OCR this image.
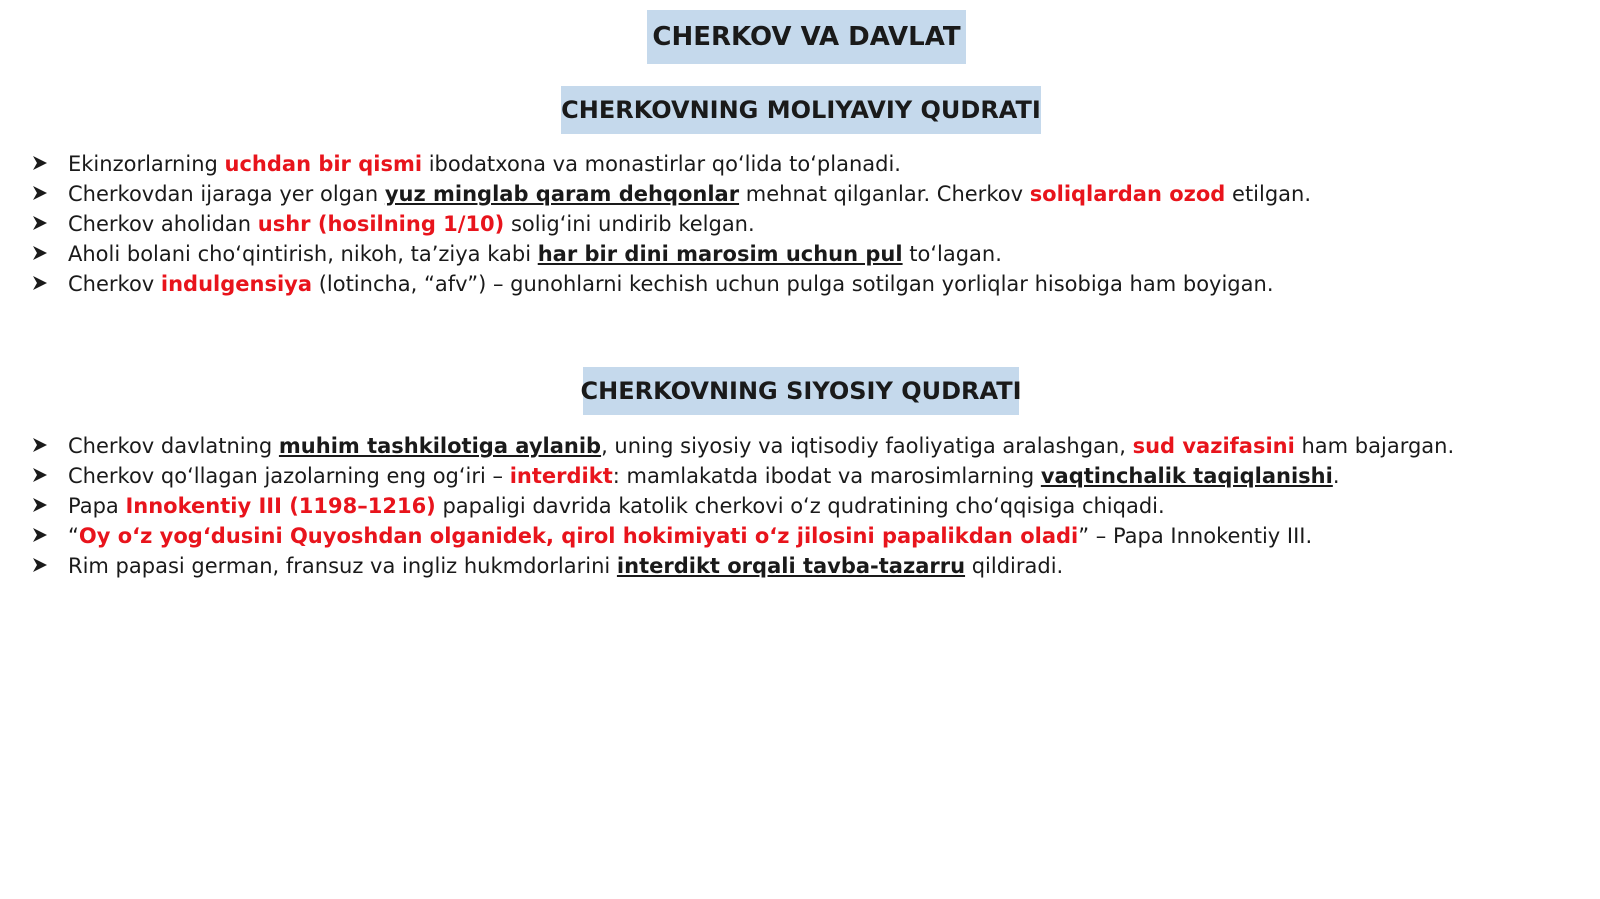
CHERKOV VA DAVLAT
CHERKOVNING MOLIYAVIY QUDRATI
Ekinzorlarning uchdan bir qismi ibodatxona va monastirlar qoʻlida toʻplanadi.
Cherkovdan ijaraga yer olgan yuz minglab qaram dehqonlar mehnat qilganlar. Cherkov soliqlardan ozod etilgan.
Cherkov aholidan ushr (hosilning 1/10) soligʻini undirib kelgan.
Aholi bolani choʻqintirish, nikoh, taʼziya kabi har bir dini marosim uchun pul toʻlagan.
Cherkov indulgensiya (lotincha, “afv”) – gunohlarni kechish uchun pulga sotilgan yorliqlar hisobiga ham boyigan.
CHERKOVNING SIYOSIY QUDRATI
Cherkov davlatning muhim tashkilotiga aylanib, uning siyosiy va iqtisodiy faoliyatiga aralashgan, sud vazifasini ham bajargan.
Cherkov qoʻllagan jazolarning eng ogʻiri – interdikt: mamlakatda ibodat va marosimlarning vaqtinchalik taqiqlanishi.
Papa Innokentiy III (1198–1216) papaligi davrida katolik cherkovi oʻz qudratining choʻqqisiga chiqadi.
“Oy oʻz yogʻdusini Quyoshdan olganidek, qirol hokimiyati oʻz jilosini papalikdan oladi” – Papa Innokentiy III.
Rim papasi german, fransuz va ingliz hukmdorlarini interdikt orqali tavba-tazarru qildiradi.
